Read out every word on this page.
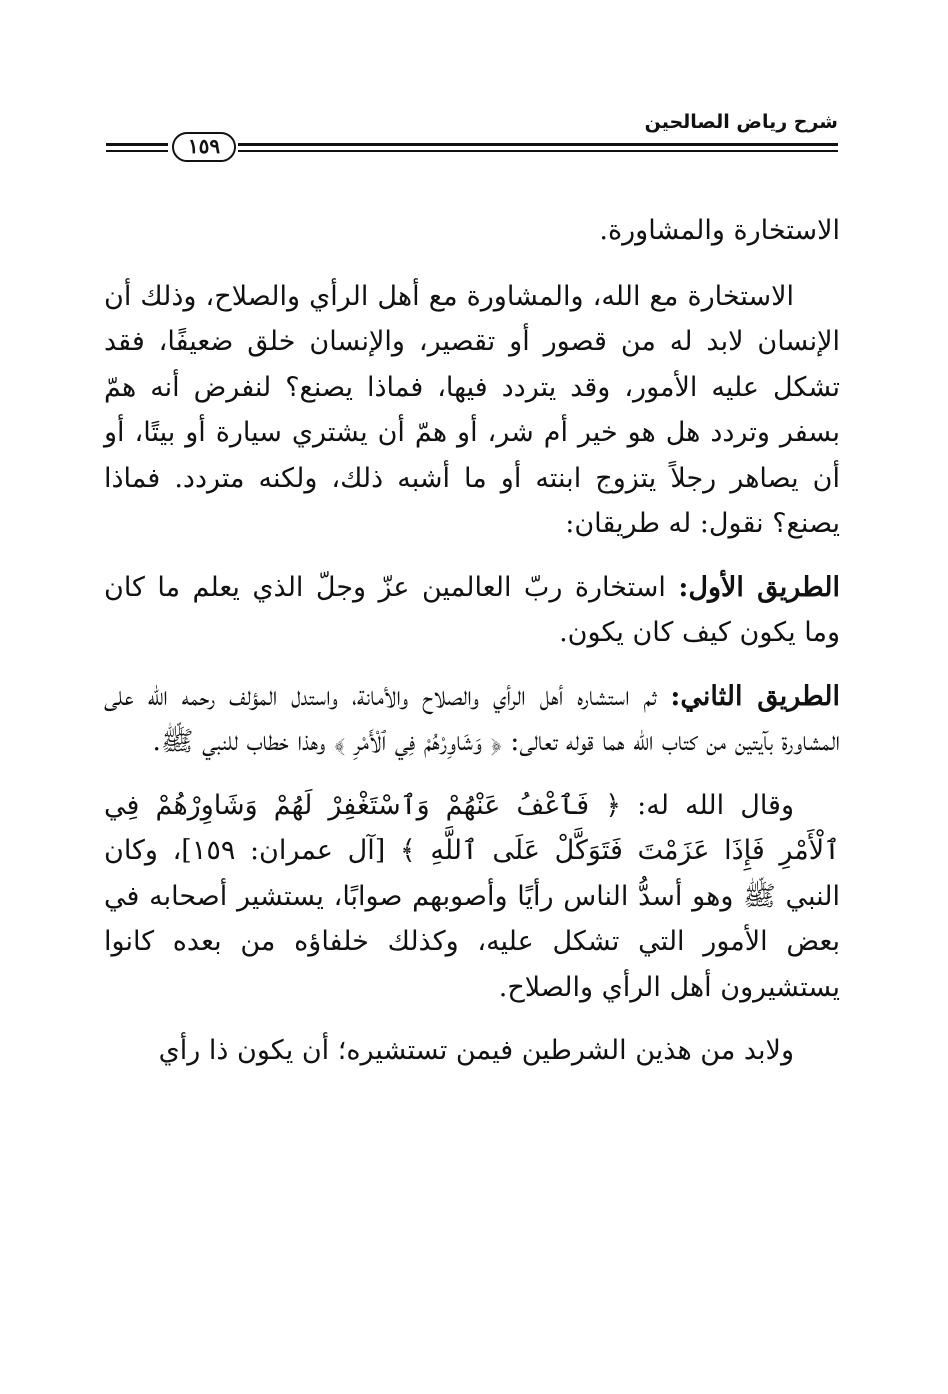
شرح رياض الصالحين
١٥٩

الاستخارة والمشاورة.

الاستخارة مع الله، والمشاورة مع أهل الرأي والصلاح، وذلك أن الإنسان لابد له من قصور أو تقصير، والإنسان خلق ضعيفًا، فقد تشكل عليه الأمور، وقد يتردد فيها، فماذا يصنع؟ لنفرض أنه همّ بسفر وتردد هل هو خير أم شر، أو همّ أن يشتري سيارة أو بيتًا، أو أن يصاهر رجلاً يتزوج ابنته أو ما أشبه ذلك، ولكنه متردد. فماذا يصنع؟ نقول: له طريقان:

الطريق الأول: استخارة ربّ العالمين عزّ وجلّ الذي يعلم ما كان وما يكون كيف كان يكون.

الطريق الثاني: ثم استشاره أهل الرأي والصلاح والأمانة، واستدل المؤلف رحمه الله على المشاورة بآيتين من كتاب الله هما قوله تعالى: ﴿ وَشَاوِرْهُمْ فِي ٱلْأَمْرِ ﴾ وهذا خطاب للنبي ﷺ.

وقال الله له: ﴿ فَٱعْفُ عَنْهُمْ وَٱسْتَغْفِرْ لَهُمْ وَشَاوِرْهُمْ فِي ٱلْأَمْرِ فَإِذَا عَزَمْتَ فَتَوَكَّلْ عَلَى ٱللَّهِ ﴾ [آل عمران: ١٥٩]، وكان النبي ﷺ وهو أسدُّ الناس رأيًا وأصوبهم صوابًا، يستشير أصحابه في بعض الأمور التي تشكل عليه، وكذلك خلفاؤه من بعده كانوا يستشيرون أهل الرأي والصلاح.

ولابد من هذين الشرطين فيمن تستشيره؛ أن يكون ذا رأي
